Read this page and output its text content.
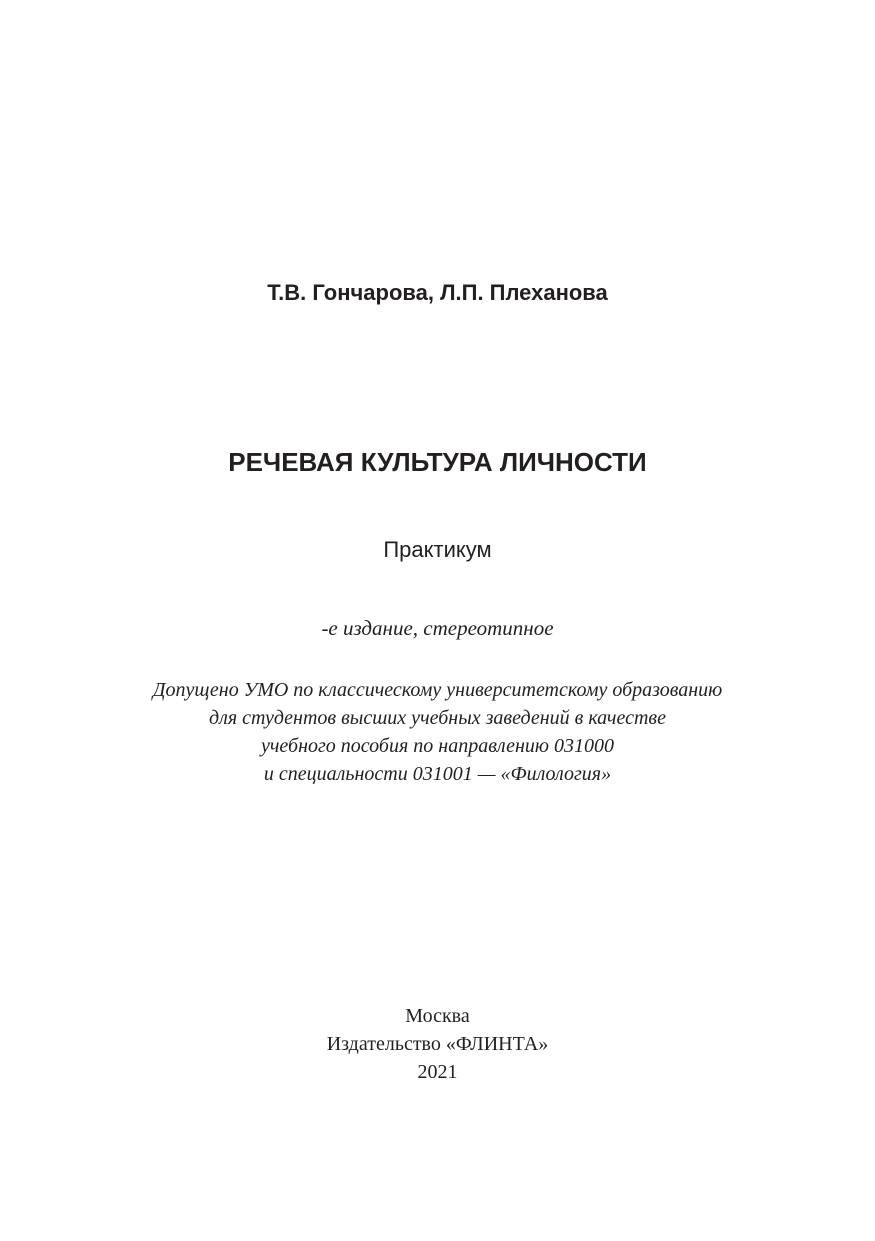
Т.В. Гончарова, Л.П. Плеханова
РЕЧЕВАЯ КУЛЬТУРА ЛИЧНОСТИ
Практикум
-е издание, стереотипное
Допущено УМО по классическому университетскому образованию
для студентов высших учебных заведений в качестве
учебного пособия по направлению 031000
и специальности 031001 — «Филология»
Москва
Издательство «ФЛИНТА»
2021
